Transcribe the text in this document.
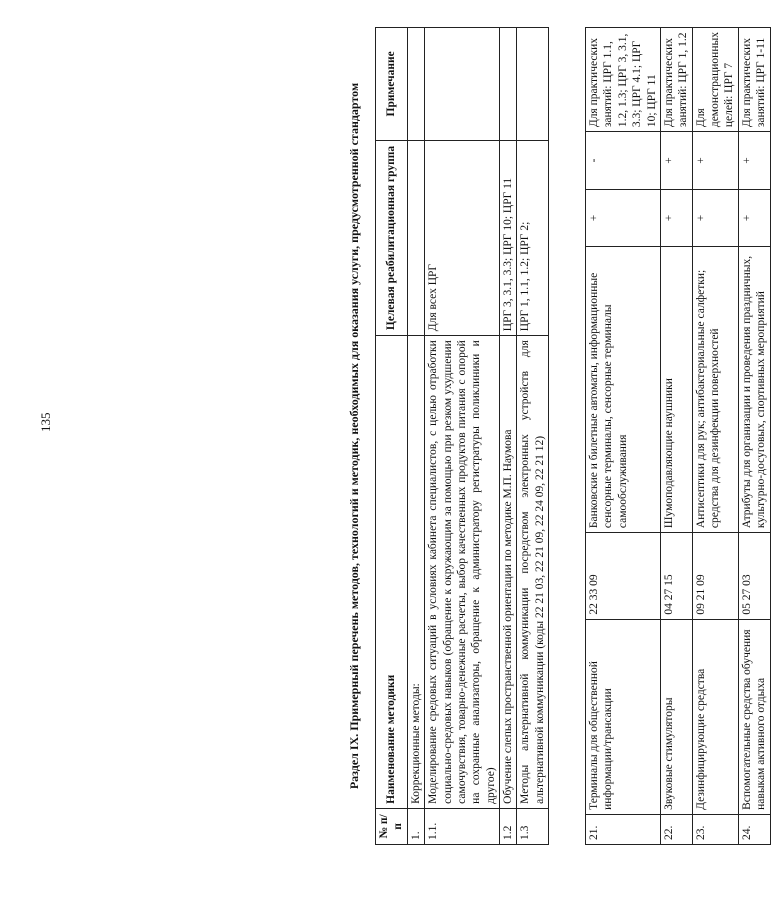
135
21.	Терминалы для общественной информации/трансакции	22 33 09	Банковские и билетные автоматы, информационные сенсорные терминалы, сенсорные терминалы самообслуживания	+	-	Для практических занятий: ЦРГ 1.1, 1.2, 1.3; ЦРГ 3, 3.1, 3.3; ЦРГ 4.1; ЦРГ 10; ЦРГ 11
22.	Звуковые стимуляторы	04 27 15	Шумоподавляющие наушники	+	+	Для практических занятий: ЦРГ 1, 1.2
23.	Дезинфицирующие средства	09 21 09	Антисептики для рук; антибактериальные салфетки; средства для дезинфекции поверхностей	+	+	Для демонстрационных целей: ЦРГ 7
24.	Вспомогательные средства обучения навыкам активного отдыха	05 27 03	Атрибуты для организации и проведения праздничных, культурно-досуговых, спортивных мероприятий	+	+	Для практических занятий: ЦРГ 1-11
Раздел IX. Примерный перечень методов, технологий и методик, необходимых для оказания услуги, предусмотренной стандартом
№ п/п	Наименование методики	Целевая реабилитационная группа	Примечание
1.	Коррекционные методы:		
1.1.	Моделирование средовых ситуаций в условиях кабинета специалистов, с целью отработки социально-средовых навыков (обращение к окружающим за помощью при резком ухудшении самочувствия, товарно-денежные расчеты, выбор качественных продуктов питания с опорой на сохранные анализаторы, обращение к администратору регистратуры поликлиники и другое)	Для всех ЦРГ	
1.2	Обучение слепых пространственной ориентации по методике М.П. Наумова	ЦРГ 3, 3.1, 3.3; ЦРГ 10; ЦРГ 11	
1.3	Методы альтернативной коммуникации посредством электронных устройств для альтернативной коммуникации (коды 22 21 03, 22 21 09, 22 24 09, 22 21 12)	ЦРГ 1, 1.1, 1.2; ЦРГ 2;	
